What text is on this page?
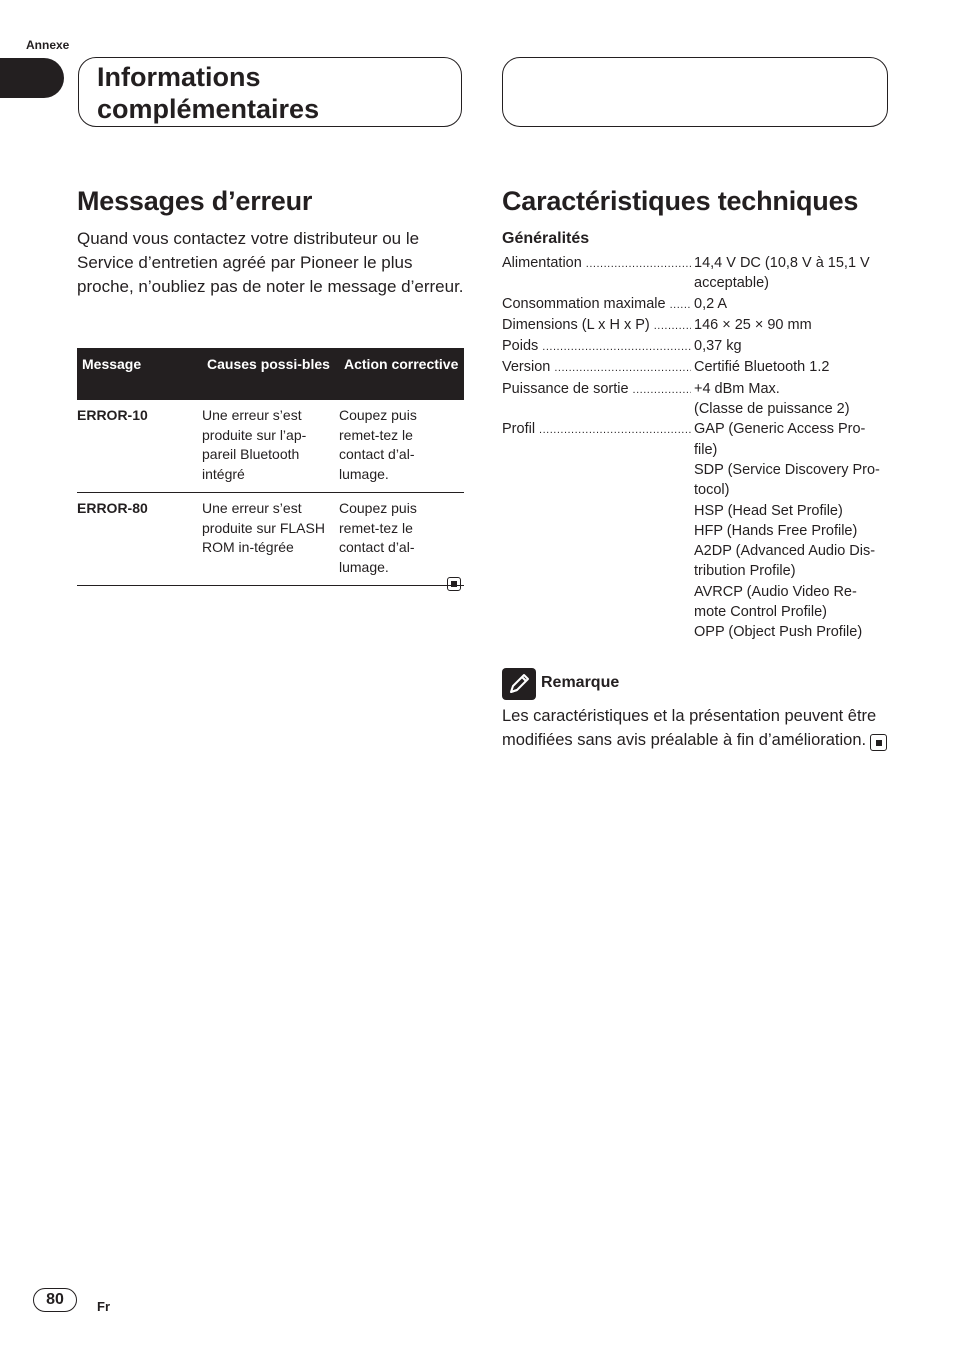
Annexe
Informations
complémentaires
Messages d’erreur
Quand vous contactez votre distributeur ou le Service d’entretien agréé par Pioneer le plus proche, n’oubliez pas de noter le message d’erreur.
Message	Causes possi-bles	Action corrective
ERROR-10	Une erreur s’est produite sur l’ap-pareil Bluetooth intégré	Coupez puis remet-tez le contact d’al-lumage.
ERROR-80	Une erreur s’est produite sur FLASH ROM in-tégrée	Coupez puis remet-tez le contact d’al-lumage.
Caractéristiques techniques
Généralités
Alimentation .....	14,4 V DC (10,8 V à 15,1 V
acceptable)
Consommation maximale ..... 0,2 A
Dimensions (L x H x P) .....	146 × 25 × 90 mm
Poids .....	0,37 kg
Version .....	Certifié Bluetooth 1.2
Puissance de sortie .....	+4 dBm Max.
(Classe de puissance 2)
Profil .....	GAP (Generic Access Pro-
file)
SDP (Service Discovery Pro-
tocol)
HSP (Head Set Profile)
HFP (Hands Free Profile)
A2DP (Advanced Audio Dis-
tribution Profile)
AVRCP (Audio Video Re-
mote Control Profile)
OPP (Object Push Profile)
Remarque
Les caractéristiques et la présentation peuvent être modifiées sans avis préalable à fin d’amélioration.
80	Fr
